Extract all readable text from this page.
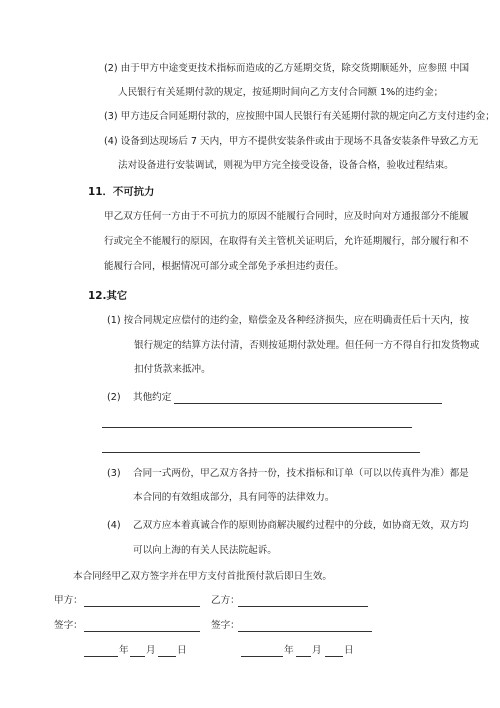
(2) 由于甲方中途变更技术指标而造成的乙方延期交货，除交货期顺延外，应参照 中国
人民银行有关延期付款的规定，按延期时间向乙方支付合同额 1%的违约金；
(3) 甲方违反合同延期付款的，应按照中国人民银行有关延期付款的规定向乙方支付违约金；
(4) 设备到达现场后 7 天内，甲方不提供安装条件或由于现场不具备安装条件导致乙方无
法对设备进行安装调试，则视为甲方完全接受设备，设备合格，验收过程结束。
11．不可抗力
甲乙双方任何一方由于不可抗力的原因不能履行合同时，应及时向对方通报部分不能履
行或完全不能履行的原因，在取得有关主管机关证明后，允许延期履行，部分履行和不
能履行合同，根据情况可部分或全部免予承担违约责任。
12.其它
(1) 按合同规定应偿付的违约金，赔偿金及各种经济损失，应在明确责任后十天内，按
银行规定的结算方法付清，否则按延期付款处理。但任何一方不得自行扣发货物或
扣付货款来抵冲。
(2) 其他约定
(3) 合同一式两份，甲乙双方各持一份，技术指标和订单（可以以传真件为准）都是
本合同的有效组成部分，具有同等的法律效力。
(4) 乙双方应本着真诚合作的原则协商解决履约过程中的分歧，如协商无效，双方均
可以向上海的有关人民法院起诉。
本合同经甲乙双方签字并在甲方支付首批预付款后即日生效。
甲方：	乙方：
签字：	签字：
年 月 日	年 月 日
